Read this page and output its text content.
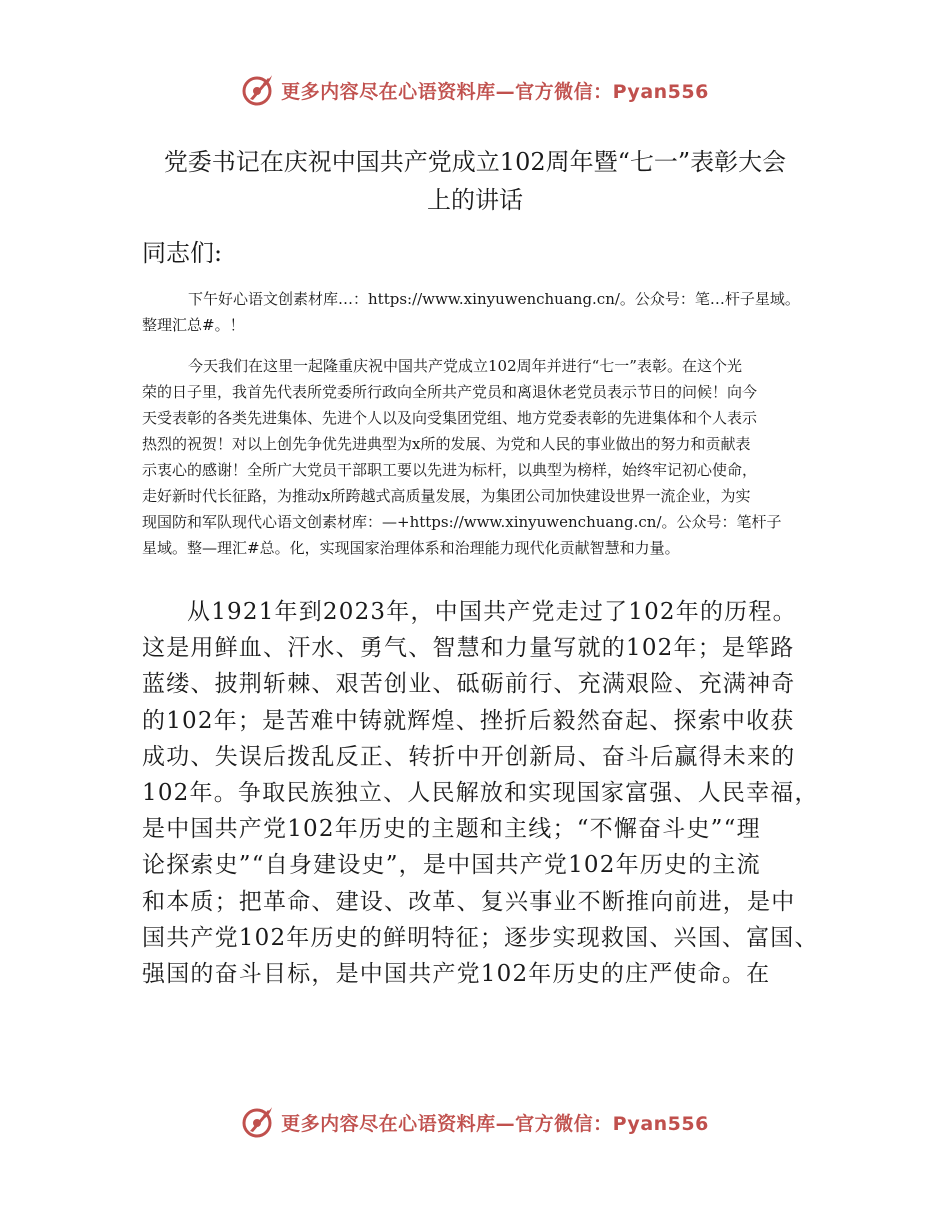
更多内容尽在心语资料库—官方微信：Pyan556
党委书记在庆祝中国共产党成立102周年暨“七一”表彰大会
上的讲话
同志们:
下午好心语文创素材库…：https://www.xinyuwenchuang.cn/。公众号：笔…杆子星域。
整理汇总#。！
今天我们在这里一起隆重庆祝中国共产党成立102周年并进行“七一”表彰。在这个光
荣的日子里，我首先代表所党委所行政向全所共产党员和离退休老党员表示节日的问候！向今
天受表彰的各类先进集体、先进个人以及向受集团党组、地方党委表彰的先进集体和个人表示
热烈的祝贺！对以上创先争优先进典型为x所的发展、为党和人民的事业做出的努力和贡献表
示衷心的感谢！全所广大党员干部职工要以先进为标杆，以典型为榜样，始终牢记初心使命，
走好新时代长征路，为推动x所跨越式高质量发展，为集团公司加快建设世界一流企业，为实
现国防和军队现代心语文创素材库：—+https://www.xinyuwenchuang.cn/。公众号：笔杆子
星域。整—理汇#总。化，实现国家治理体系和治理能力现代化贡献智慧和力量。
从1921年到2023年，中国共产党走过了102年的历程。
这是用鲜血、汗水、勇气、智慧和力量写就的102年；是筚路
蓝缕、披荆斩棘、艰苦创业、砥砺前行、充满艰险、充满神奇
的102年；是苦难中铸就辉煌、挫折后毅然奋起、探索中收获
成功、失误后拨乱反正、转折中开创新局、奋斗后赢得未来的
102年。争取民族独立、人民解放和实现国家富强、人民幸福，
是中国共产党102年历史的主题和主线；“不懈奋斗史”“理
论探索史”“自身建设史”，是中国共产党102年历史的主流
和本质；把革命、建设、改革、复兴事业不断推向前进，是中
国共产党102年历史的鲜明特征；逐步实现救国、兴国、富国、
强国的奋斗目标，是中国共产党102年历史的庄严使命。在
更多内容尽在心语资料库—官方微信：Pyan556
